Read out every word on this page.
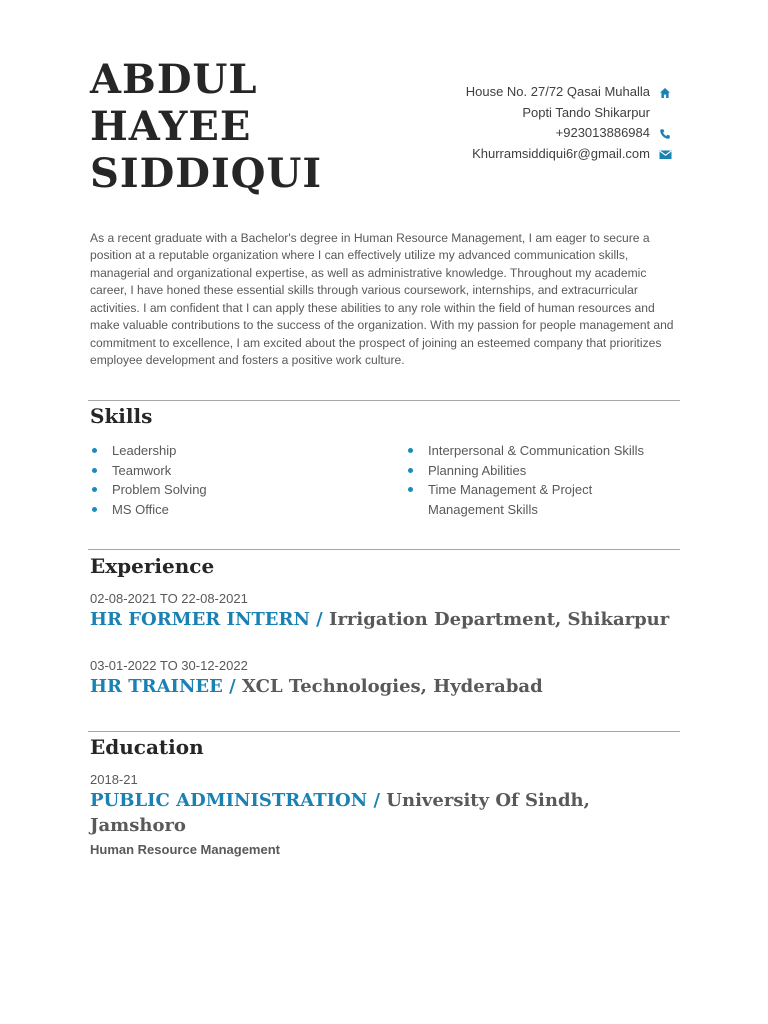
ABDUL
HAYEE
SIDDIQUI
House No. 27/72 Qasai Muhalla
Popti Tando Shikarpur
+923013886984
Khurramsiddiqui6r@gmail.com
As a recent graduate with a Bachelor's degree in Human Resource Management, I am eager to secure a position at a reputable organization where I can effectively utilize my advanced communication skills, managerial and organizational expertise, as well as administrative knowledge. Throughout my academic career, I have honed these essential skills through various coursework, internships, and extracurricular activities. I am confident that I can apply these abilities to any role within the field of human resources and make valuable contributions to the success of the organization. With my passion for people management and commitment to excellence, I am excited about the prospect of joining an esteemed company that prioritizes employee development and fosters a positive work culture.
Skills
Leadership
Teamwork
Problem Solving
MS Office
Interpersonal & Communication Skills
Planning Abilities
Time Management & Project Management Skills
Experience
02-08-2021 TO 22-08-2021
HR FORMER INTERN / Irrigation Department, Shikarpur
03-01-2022 TO 30-12-2022
HR TRAINEE / XCL Technologies, Hyderabad
Education
2018-21
PUBLIC ADMINISTRATION / University Of Sindh, Jamshoro
Human Resource Management
